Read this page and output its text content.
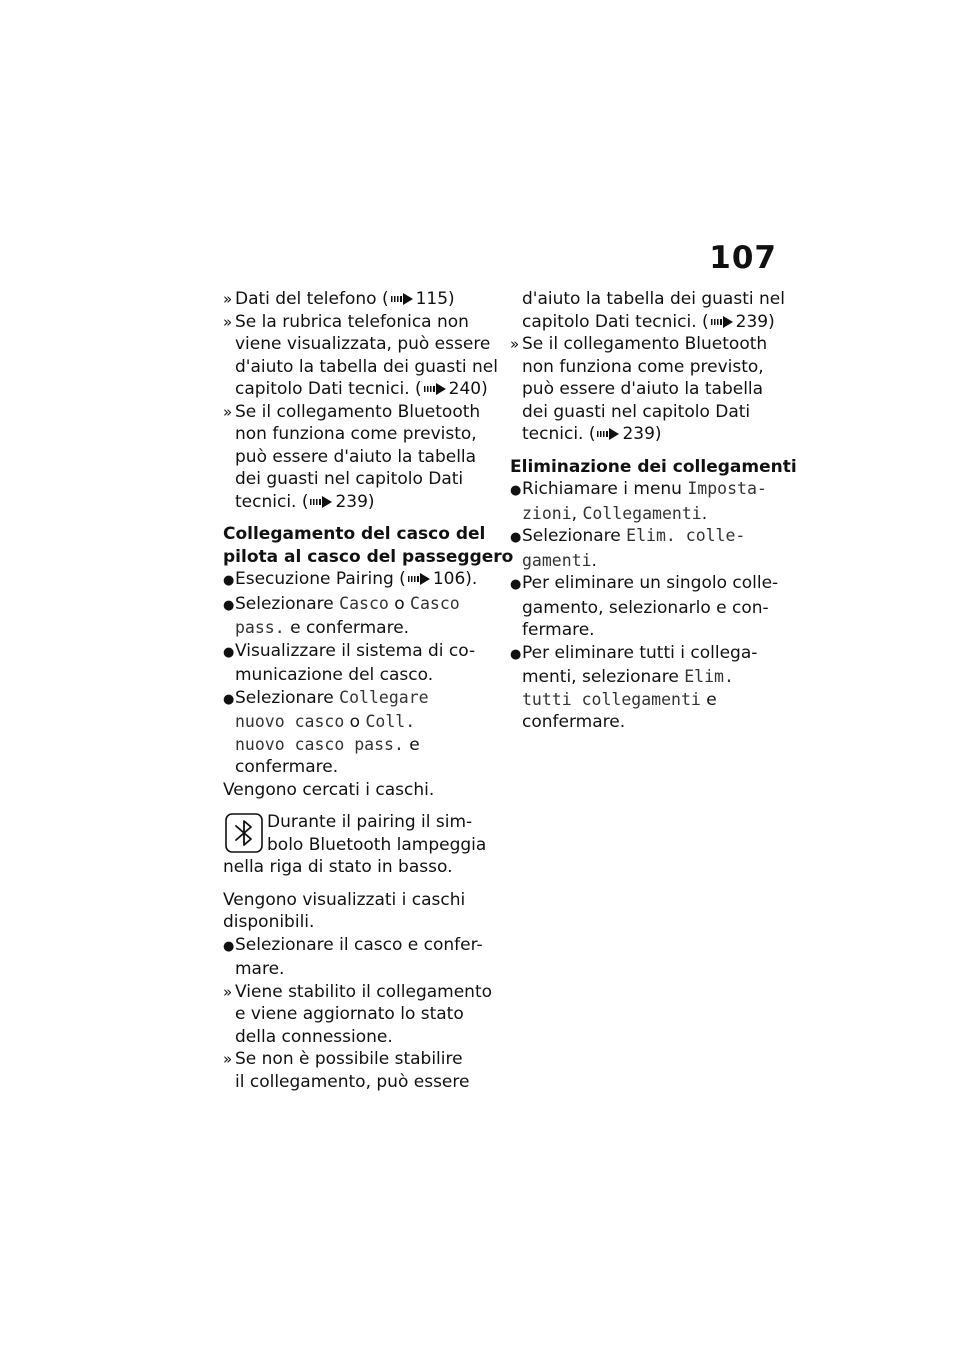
107
» Dati del telefono ( 115)
» Se la rubrica telefonica non
viene visualizzata, può essere
d'aiuto la tabella dei guasti nel
capitolo Dati tecnici. ( 240)
» Se il collegamento Bluetooth
non funziona come previsto,
può essere d'aiuto la tabella
dei guasti nel capitolo Dati
tecnici. ( 239)
Collegamento del casco del
pilota al casco del passeggero
●Esecuzione Pairing ( 106).
●Selezionare Casco o Casco
pass. e confermare.
●Visualizzare il sistema di co-
municazione del casco.
●Selezionare Collegare
nuovo casco o Coll.
nuovo casco pass. e
confermare.
Vengono cercati i caschi.
Durante il pairing il sim-
bolo Bluetooth lampeggia
nella riga di stato in basso.
Vengono visualizzati i caschi
disponibili.
●Selezionare il casco e confer-
mare.
» Viene stabilito il collegamento
e viene aggiornato lo stato
della connessione.
» Se non è possibile stabilire
il collegamento, può essere
d'aiuto la tabella dei guasti nel
capitolo Dati tecnici. ( 239)
» Se il collegamento Bluetooth
non funziona come previsto,
può essere d'aiuto la tabella
dei guasti nel capitolo Dati
tecnici. ( 239)
Eliminazione dei collegamenti
●Richiamare i menu Imposta-
zioni, Collegamenti.
●Selezionare Elim. colle-
gamenti.
●Per eliminare un singolo colle-
gamento, selezionarlo e con-
fermare.
●Per eliminare tutti i collega-
menti, selezionare Elim.
tutti collegamenti e
confermare.
